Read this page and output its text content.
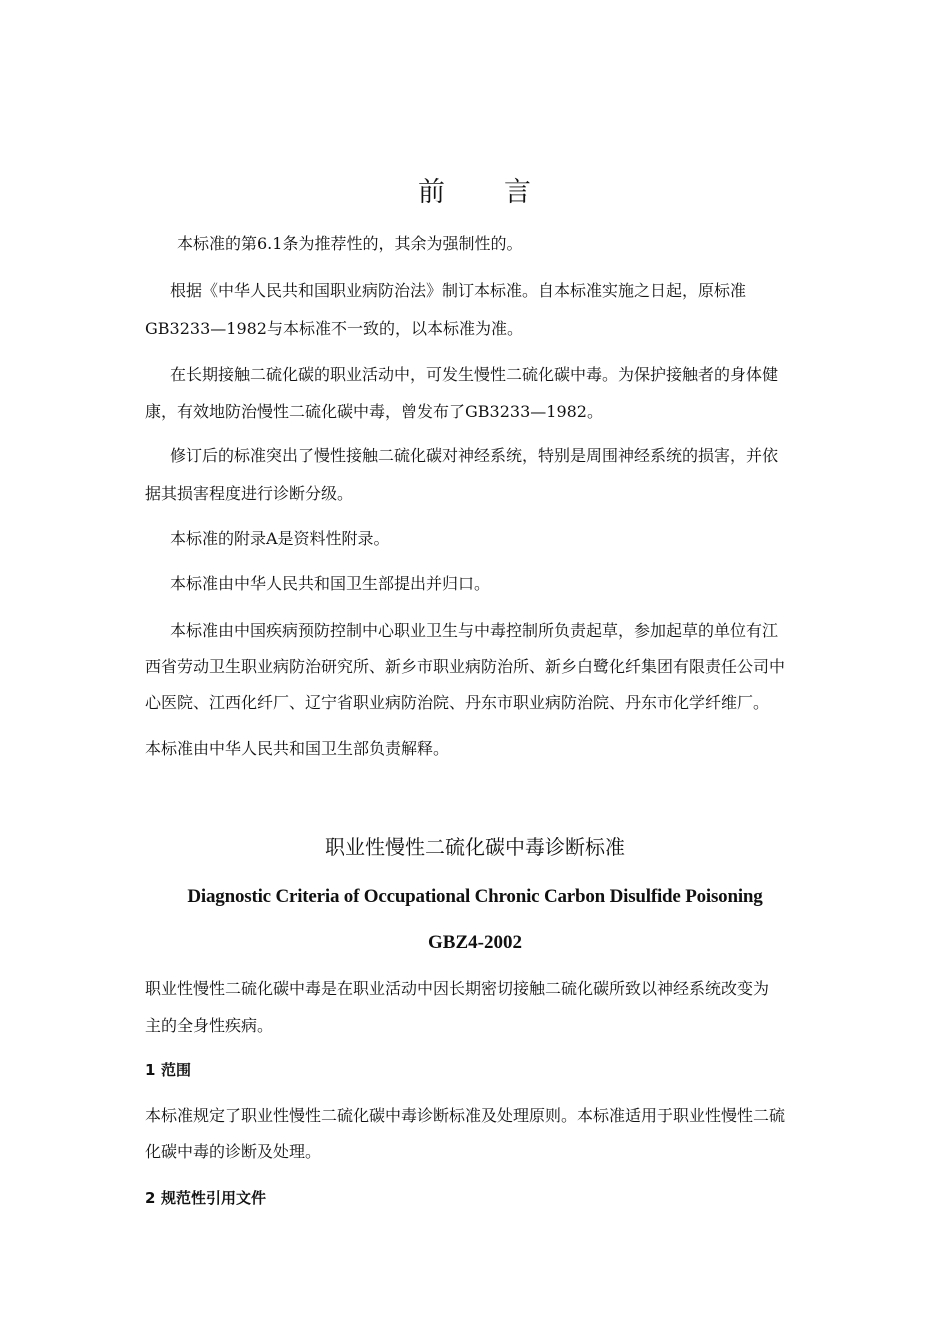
前 言
本标准的第6.1条为推荐性的，其余为强制性的。
根据《中华人民共和国职业病防治法》制订本标准。自本标准实施之日起，原标准
GB3233—1982与本标准不一致的，以本标准为准。
在长期接触二硫化碳的职业活动中，可发生慢性二硫化碳中毒。为保护接触者的身体健
康，有效地防治慢性二硫化碳中毒，曾发布了GB3233—1982。
修订后的标准突出了慢性接触二硫化碳对神经系统，特别是周围神经系统的损害，并依
据其损害程度进行诊断分级。
本标准的附录A是资料性附录。
本标准由中华人民共和国卫生部提出并归口。
本标准由中国疾病预防控制中心职业卫生与中毒控制所负责起草，参加起草的单位有江
西省劳动卫生职业病防治研究所、新乡市职业病防治所、新乡白鹭化纤集团有限责任公司中
心医院、江西化纤厂、辽宁省职业病防治院、丹东市职业病防治院、丹东市化学纤维厂。
本标准由中华人民共和国卫生部负责解释。
职业性慢性二硫化碳中毒诊断标准
Diagnostic Criteria of Occupational Chronic Carbon Disulfide Poisoning
GBZ4-2002
职业性慢性二硫化碳中毒是在职业活动中因长期密切接触二硫化碳所致以神经系统改变为
主的全身性疾病。
1 范围
本标准规定了职业性慢性二硫化碳中毒诊断标准及处理原则。本标准适用于职业性慢性二硫
化碳中毒的诊断及处理。
2 规范性引用文件
